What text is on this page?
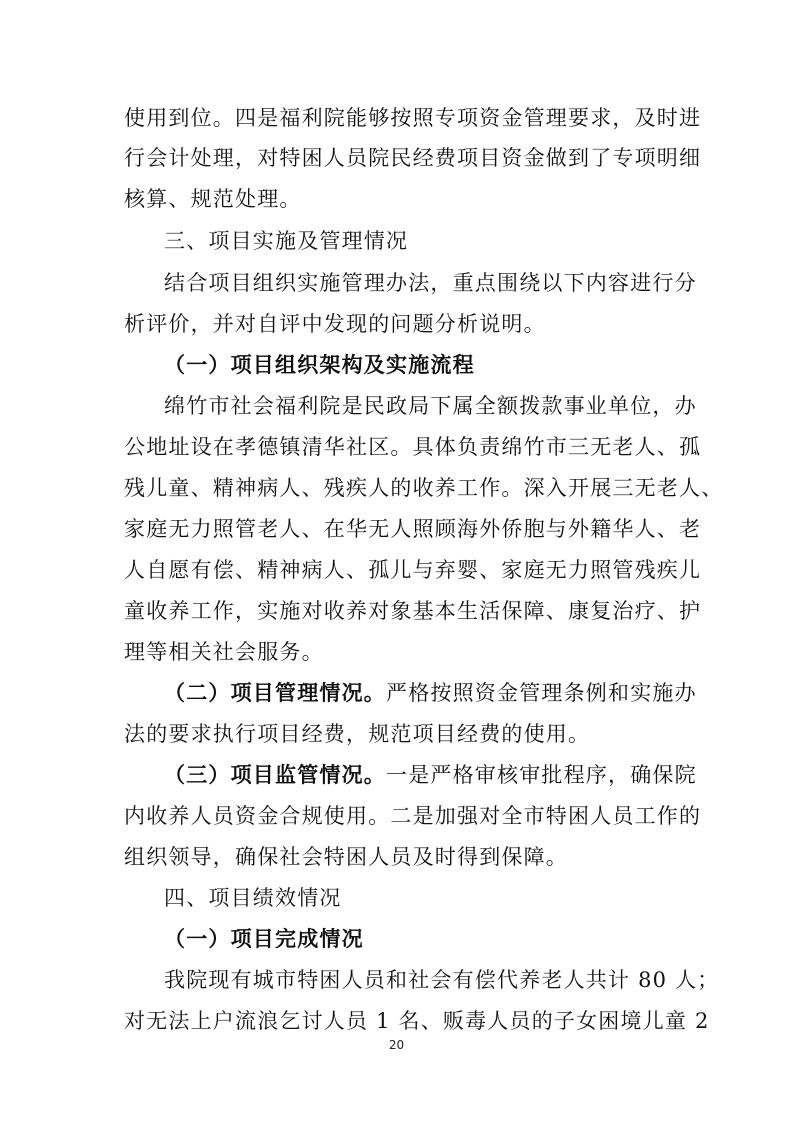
使用到位。四是福利院能够按照专项资金管理要求，及时进
行会计处理，对特困人员院民经费项目资金做到了专项明细
核算、规范处理。
三、项目实施及管理情况
结合项目组织实施管理办法，重点围绕以下内容进行分
析评价，并对自评中发现的问题分析说明。
（一）项目组织架构及实施流程
绵竹市社会福利院是民政局下属全额拨款事业单位，办
公地址设在孝德镇清华社区。具体负责绵竹市三无老人、孤
残儿童、精神病人、残疾人的收养工作。深入开展三无老人、
家庭无力照管老人、在华无人照顾海外侨胞与外籍华人、老
人自愿有偿、精神病人、孤儿与弃婴、家庭无力照管残疾儿
童收养工作，实施对收养对象基本生活保障、康复治疗、护
理等相关社会服务。
（二）项目管理情况。严格按照资金管理条例和实施办
法的要求执行项目经费，规范项目经费的使用。
（三）项目监管情况。一是严格审核审批程序，确保院
内收养人员资金合规使用。二是加强对全市特困人员工作的
组织领导，确保社会特困人员及时得到保障。
四、项目绩效情况
（一）项目完成情况
我院现有城市特困人员和社会有偿代养老人共计 80 人；
对无法上户流浪乞讨人员 1 名、贩毒人员的子女困境儿童 2
20
